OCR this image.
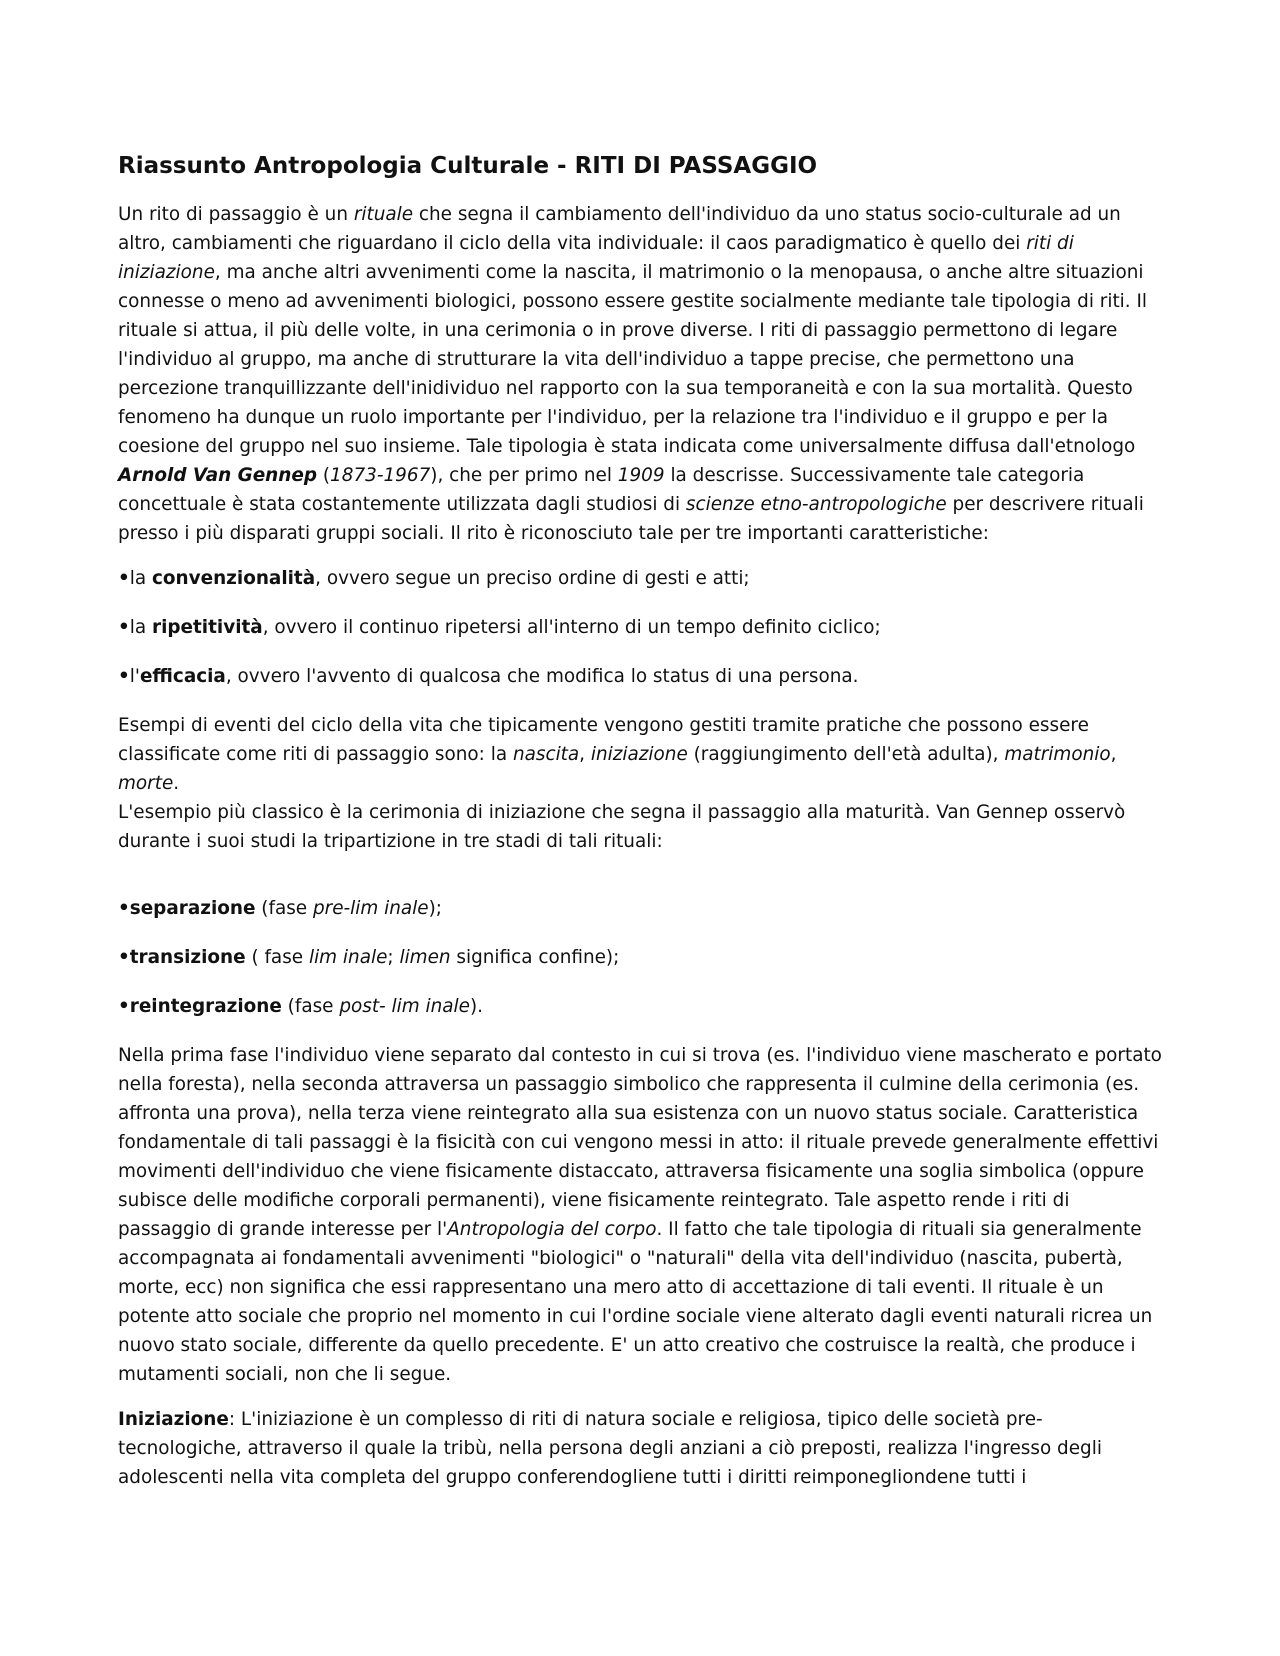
Riassunto Antropologia Culturale - RITI DI PASSAGGIO

Un rito di passaggio è un rituale che segna il cambiamento dell'individuo da uno status socio-culturale ad un altro, cambiamenti che riguardano il ciclo della vita individuale: il caos paradigmatico è quello dei riti di iniziazione, ma anche altri avvenimenti come la nascita, il matrimonio o la menopausa, o anche altre situazioni connesse o meno ad avvenimenti biologici, possono essere gestite socialmente mediante tale tipologia di riti. Il rituale si attua, il più delle volte, in una cerimonia o in prove diverse. I riti di passaggio permettono di legare l'individuo al gruppo, ma anche di strutturare la vita dell'individuo a tappe precise, che permettono una percezione tranquillizzante dell'inidividuo nel rapporto con la sua temporaneità e con la sua mortalità. Questo fenomeno ha dunque un ruolo importante per l'individuo, per la relazione tra l'individuo e il gruppo e per la coesione del gruppo nel suo insieme. Tale tipologia è stata indicata come universalmente diffusa dall'etnologo Arnold Van Gennep (1873-1967), che per primo nel 1909 la descrisse. Successivamente tale categoria concettuale è stata costantemente utilizzata dagli studiosi di scienze etno-antropologiche per descrivere rituali presso i più disparati gruppi sociali. Il rito è riconosciuto tale per tre importanti caratteristiche:

•la convenzionalità, ovvero segue un preciso ordine di gesti e atti;
•la ripetitività, ovvero il continuo ripetersi all'interno di un tempo definito ciclico;
•l'efficacia, ovvero l'avvento di qualcosa che modifica lo status di una persona.

Esempi di eventi del ciclo della vita che tipicamente vengono gestiti tramite pratiche che possono essere classificate come riti di passaggio sono: la nascita, iniziazione (raggiungimento dell'età adulta), matrimonio, morte.

L'esempio più classico è la cerimonia di iniziazione che segna il passaggio alla maturità. Van Gennep osservò durante i suoi studi la tripartizione in tre stadi di tali rituali:

•separazione (fase pre-lim inale);
•transizione ( fase lim inale; limen significa confine);
•reintegrazione (fase post- lim inale).

Nella prima fase l'individuo viene separato dal contesto in cui si trova (es. l'individuo viene mascherato e portato nella foresta), nella seconda attraversa un passaggio simbolico che rappresenta il culmine della cerimonia (es. affronta una prova), nella terza viene reintegrato alla sua esistenza con un nuovo status sociale. Caratteristica fondamentale di tali passaggi è la fisicità con cui vengono messi in atto: il rituale prevede generalmente effettivi movimenti dell'individuo che viene fisicamente distaccato, attraversa fisicamente una soglia simbolica (oppure subisce delle modifiche corporali permanenti), viene fisicamente reintegrato. Tale aspetto rende i riti di passaggio di grande interesse per l'Antropologia del corpo. Il fatto che tale tipologia di rituali sia generalmente accompagnata ai fondamentali avvenimenti "biologici" o "naturali" della vita dell'individuo (nascita, pubertà, morte, ecc) non significa che essi rappresentano una mero atto di accettazione di tali eventi. Il rituale è un potente atto sociale che proprio nel momento in cui l'ordine sociale viene alterato dagli eventi naturali ricrea un nuovo stato sociale, differente da quello precedente. E' un atto creativo che costruisce la realtà, che produce i mutamenti sociali, non che li segue.

Iniziazione: L'iniziazione è un complesso di riti di natura sociale e religiosa, tipico delle società pre-tecnologiche, attraverso il quale la tribù, nella persona degli anziani a ciò preposti, realizza l'ingresso degli adolescenti nella vita completa del gruppo conferendogliene tutti i diritti reimponegliondene tutti i
